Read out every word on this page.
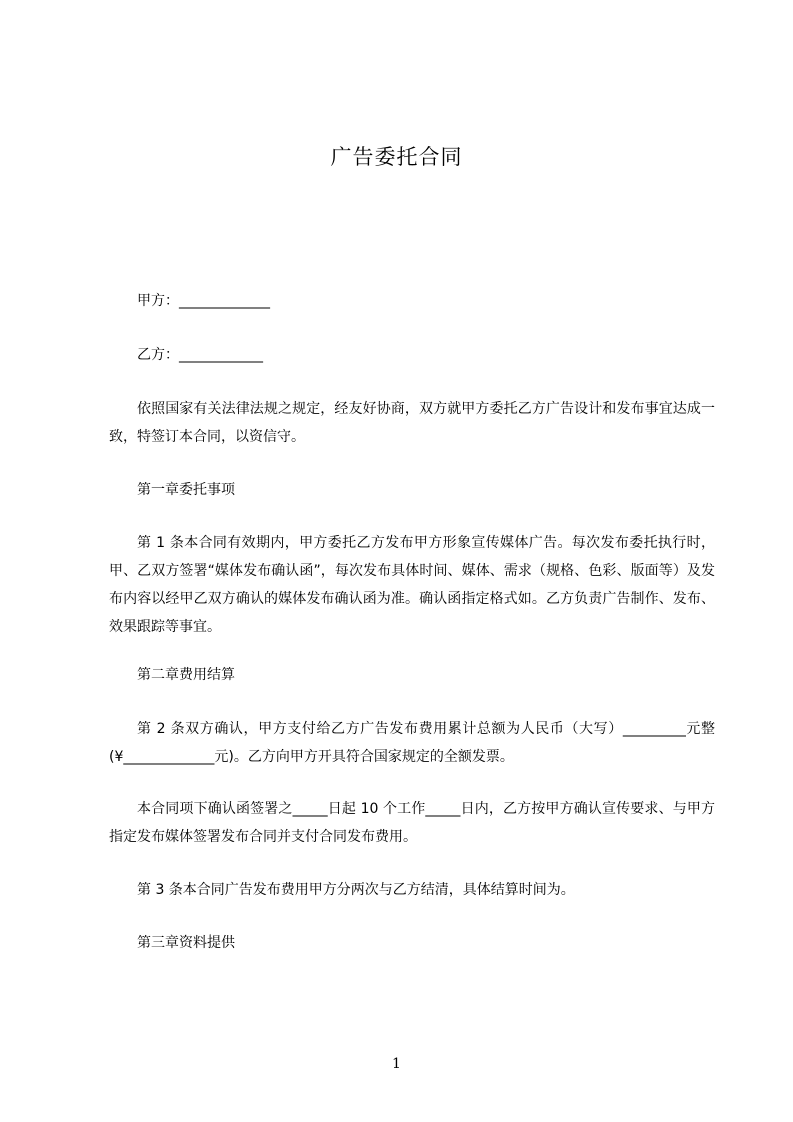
广告委托合同

甲方：_____________

乙方：____________

依照国家有关法律法规之规定，经友好协商，双方就甲方委托乙方广告设计和发布事宜达成一致，特签订本合同，以资信守。

第一章委托事项

第 1 条本合同有效期内，甲方委托乙方发布甲方形象宣传媒体广告。每次发布委托执行时，甲、乙双方签署“媒体发布确认函”，每次发布具体时间、媒体、需求（规格、色彩、版面等）及发布内容以经甲乙双方确认的媒体发布确认函为准。确认函指定格式如。乙方负责广告制作、发布、效果跟踪等事宜。

第二章费用结算

第 2 条双方确认，甲方支付给乙方广告发布费用累计总额为人民币（大写）_________元整 (¥_____________元)。乙方向甲方开具符合国家规定的全额发票。

本合同项下确认函签署之_____日起 10 个工作_____日内，乙方按甲方确认宣传要求、与甲方指定发布媒体签署发布合同并支付合同发布费用。

第 3 条本合同广告发布费用甲方分两次与乙方结清，具体结算时间为。

第三章资料提供

1
